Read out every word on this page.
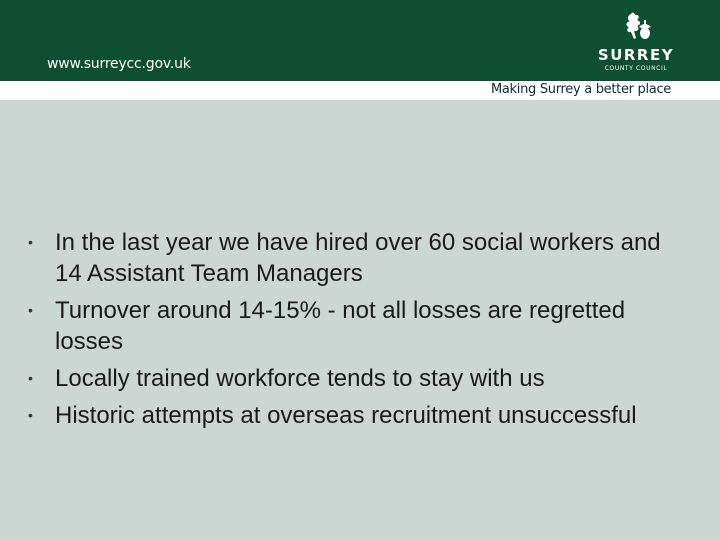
www.surreycc.gov.uk	SURREY
COUNTY COUNCIL
Making Surrey a better place
• In the last year we have hired over 60 social workers and 14 Assistant Team Managers
• Turnover around 14-15% - not all losses are regretted losses
• Locally trained workforce tends to stay with us
• Historic attempts at overseas recruitment unsuccessful
